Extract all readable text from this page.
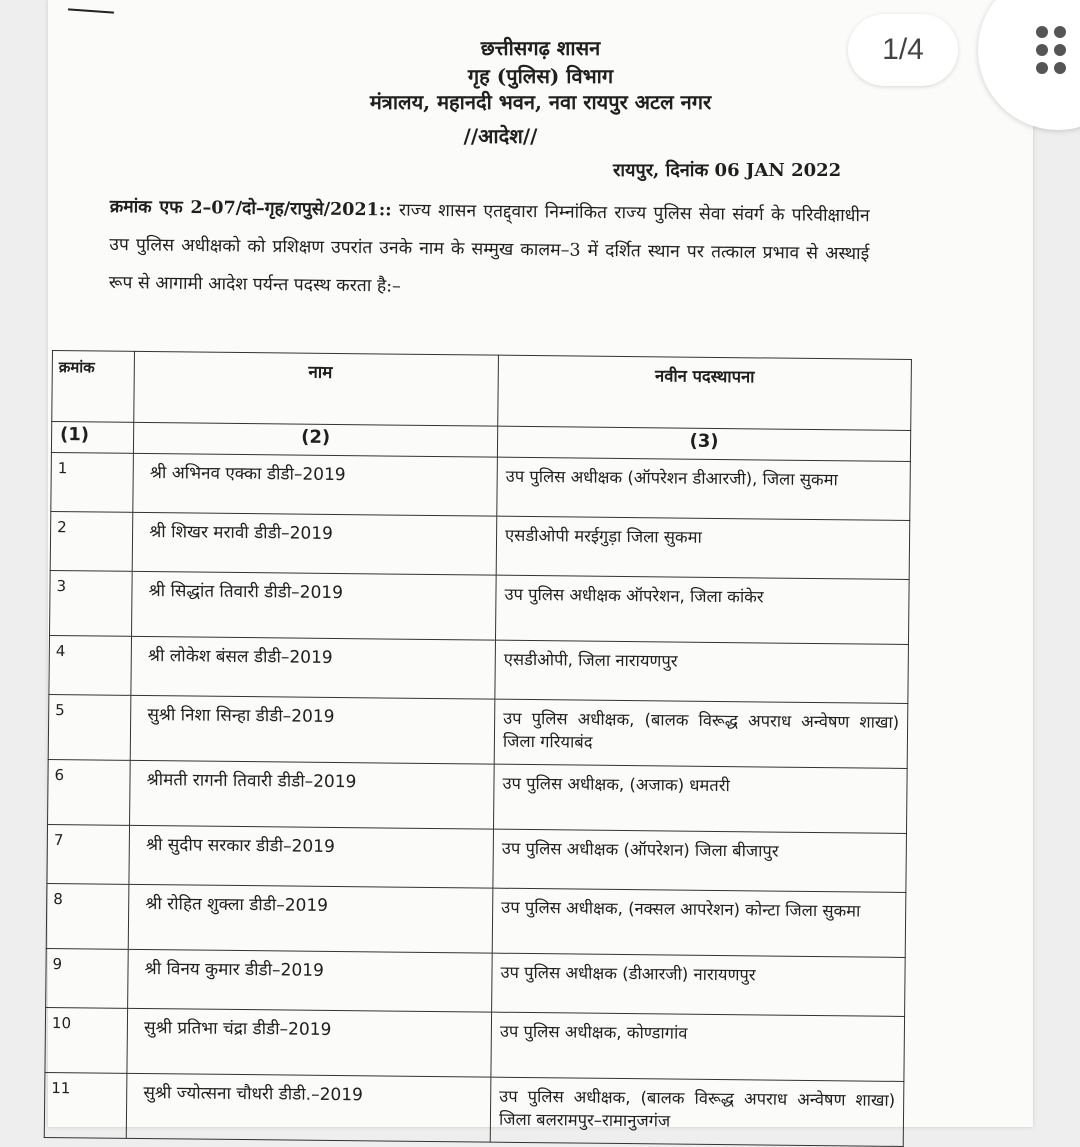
छत्तीसगढ़ शासन
गृह (पुलिस) विभाग
मंत्रालय, महानदी भवन, नवा रायपुर अटल नगर
//आदेश//
रायपुर, दिनांक 06 JAN 2022
क्रमांक एफ 2–07/दो–गृह/रापुसे/2021:: राज्य शासन एतद्द्वारा निम्नांकित राज्य पुलिस सेवा संवर्ग के परिवीक्षाधीन उप पुलिस अधीक्षको को प्रशिक्षण उपरांत उनके नाम के सम्मुख कालम–3 में दर्शित स्थान पर तत्काल प्रभाव से अस्थाई रूप से आगामी आदेश पर्यन्त पदस्थ करता है:–
क्रमांक	नाम	नवीन पदस्थापना
(1)	(2)	(3)
1	श्री अभिनव एक्का डीडी–2019	उप पुलिस अधीक्षक (ऑपरेशन डीआरजी), जिला सुकमा
2	श्री शिखर मरावी डीडी–2019	एसडीओपी मरईगुड़ा जिला सुकमा
3	श्री सिद्धांत तिवारी डीडी–2019	उप पुलिस अधीक्षक ऑपरेशन, जिला कांकेर
4	श्री लोकेश बंसल डीडी–2019	एसडीओपी, जिला नारायणपुर
5	सुश्री निशा सिन्हा डीडी–2019	उप पुलिस अधीक्षक, (बालक विरूद्ध अपराध अन्वेषण शाखा) जिला गरियाबंद
6	श्रीमती रागनी तिवारी डीडी–2019	उप पुलिस अधीक्षक, (अजाक) धमतरी
7	श्री सुदीप सरकार डीडी–2019	उप पुलिस अधीक्षक (ऑपरेशन) जिला बीजापुर
8	श्री रोहित शुक्ला डीडी–2019	उप पुलिस अधीक्षक, (नक्सल आपरेशन) कोन्टा जिला सुकमा
9	श्री विनय कुमार डीडी–2019	उप पुलिस अधीक्षक (डीआरजी) नारायणपुर
10	सुश्री प्रतिभा चंद्रा डीडी–2019	उप पुलिस अधीक्षक, कोण्डागांव
11	सुश्री ज्योत्सना चौधरी डीडी.–2019	उप पुलिस अधीक्षक, (बालक विरूद्ध अपराध अन्वेषण शाखा) जिला बलरामपुर–रामानुजगंज
1/4
